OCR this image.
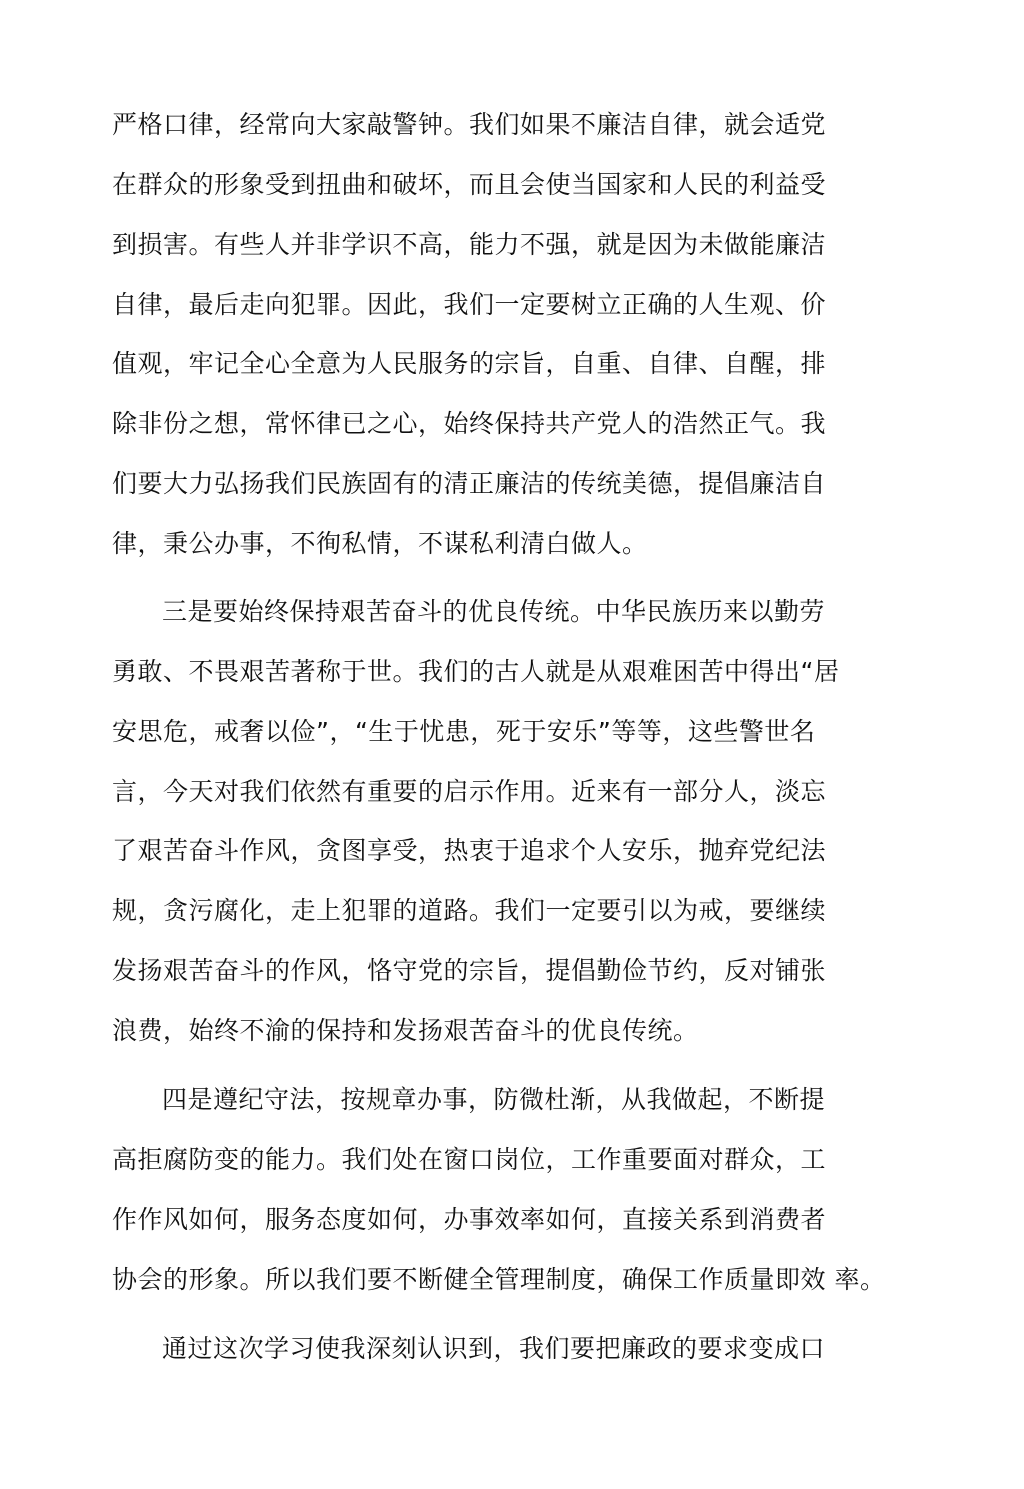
严格口律，经常向大家敲警钟。我们如果不廉洁自律，就会适党
在群众的形象受到扭曲和破坏，而且会使当国家和人民的利益受
到损害。有些人并非学识不高，能力不强，就是因为未做能廉洁
自律，最后走向犯罪。因此，我们一定要树立正确的人生观、价
值观，牢记全心全意为人民服务的宗旨，自重、自律、自醒，排
除非份之想，常怀律已之心，始终保持共产党人的浩然正气。我
们要大力弘扬我们民族固有的清正廉洁的传统美德，提倡廉洁自
律，秉公办事，不徇私情，不谋私利清白做人。
三是要始终保持艰苦奋斗的优良传统。中华民族历来以勤劳
勇敢、不畏艰苦著称于世。我们的古人就是从艰难困苦中得出“居
安思危，戒奢以俭”，“生于忧患，死于安乐”等等，这些警世名
言，今天对我们依然有重要的启示作用。近来有一部分人，淡忘
了艰苦奋斗作风，贪图享受，热衷于追求个人安乐，抛弃党纪法
规，贪污腐化，走上犯罪的道路。我们一定要引以为戒，要继续
发扬艰苦奋斗的作风，恪守党的宗旨，提倡勤俭节约，反对铺张
浪费，始终不渝的保持和发扬艰苦奋斗的优良传统。
四是遵纪守法，按规章办事，防微杜渐，从我做起，不断提
高拒腐防变的能力。我们处在窗口岗位，工作重要面对群众，工
作作风如何，服务态度如何，办事效率如何，直接关系到消费者
协会的形象。所以我们要不断健全管理制度，确保工作质量即效 率。
通过这次学习使我深刻认识到，我们要把廉政的要求变成口
